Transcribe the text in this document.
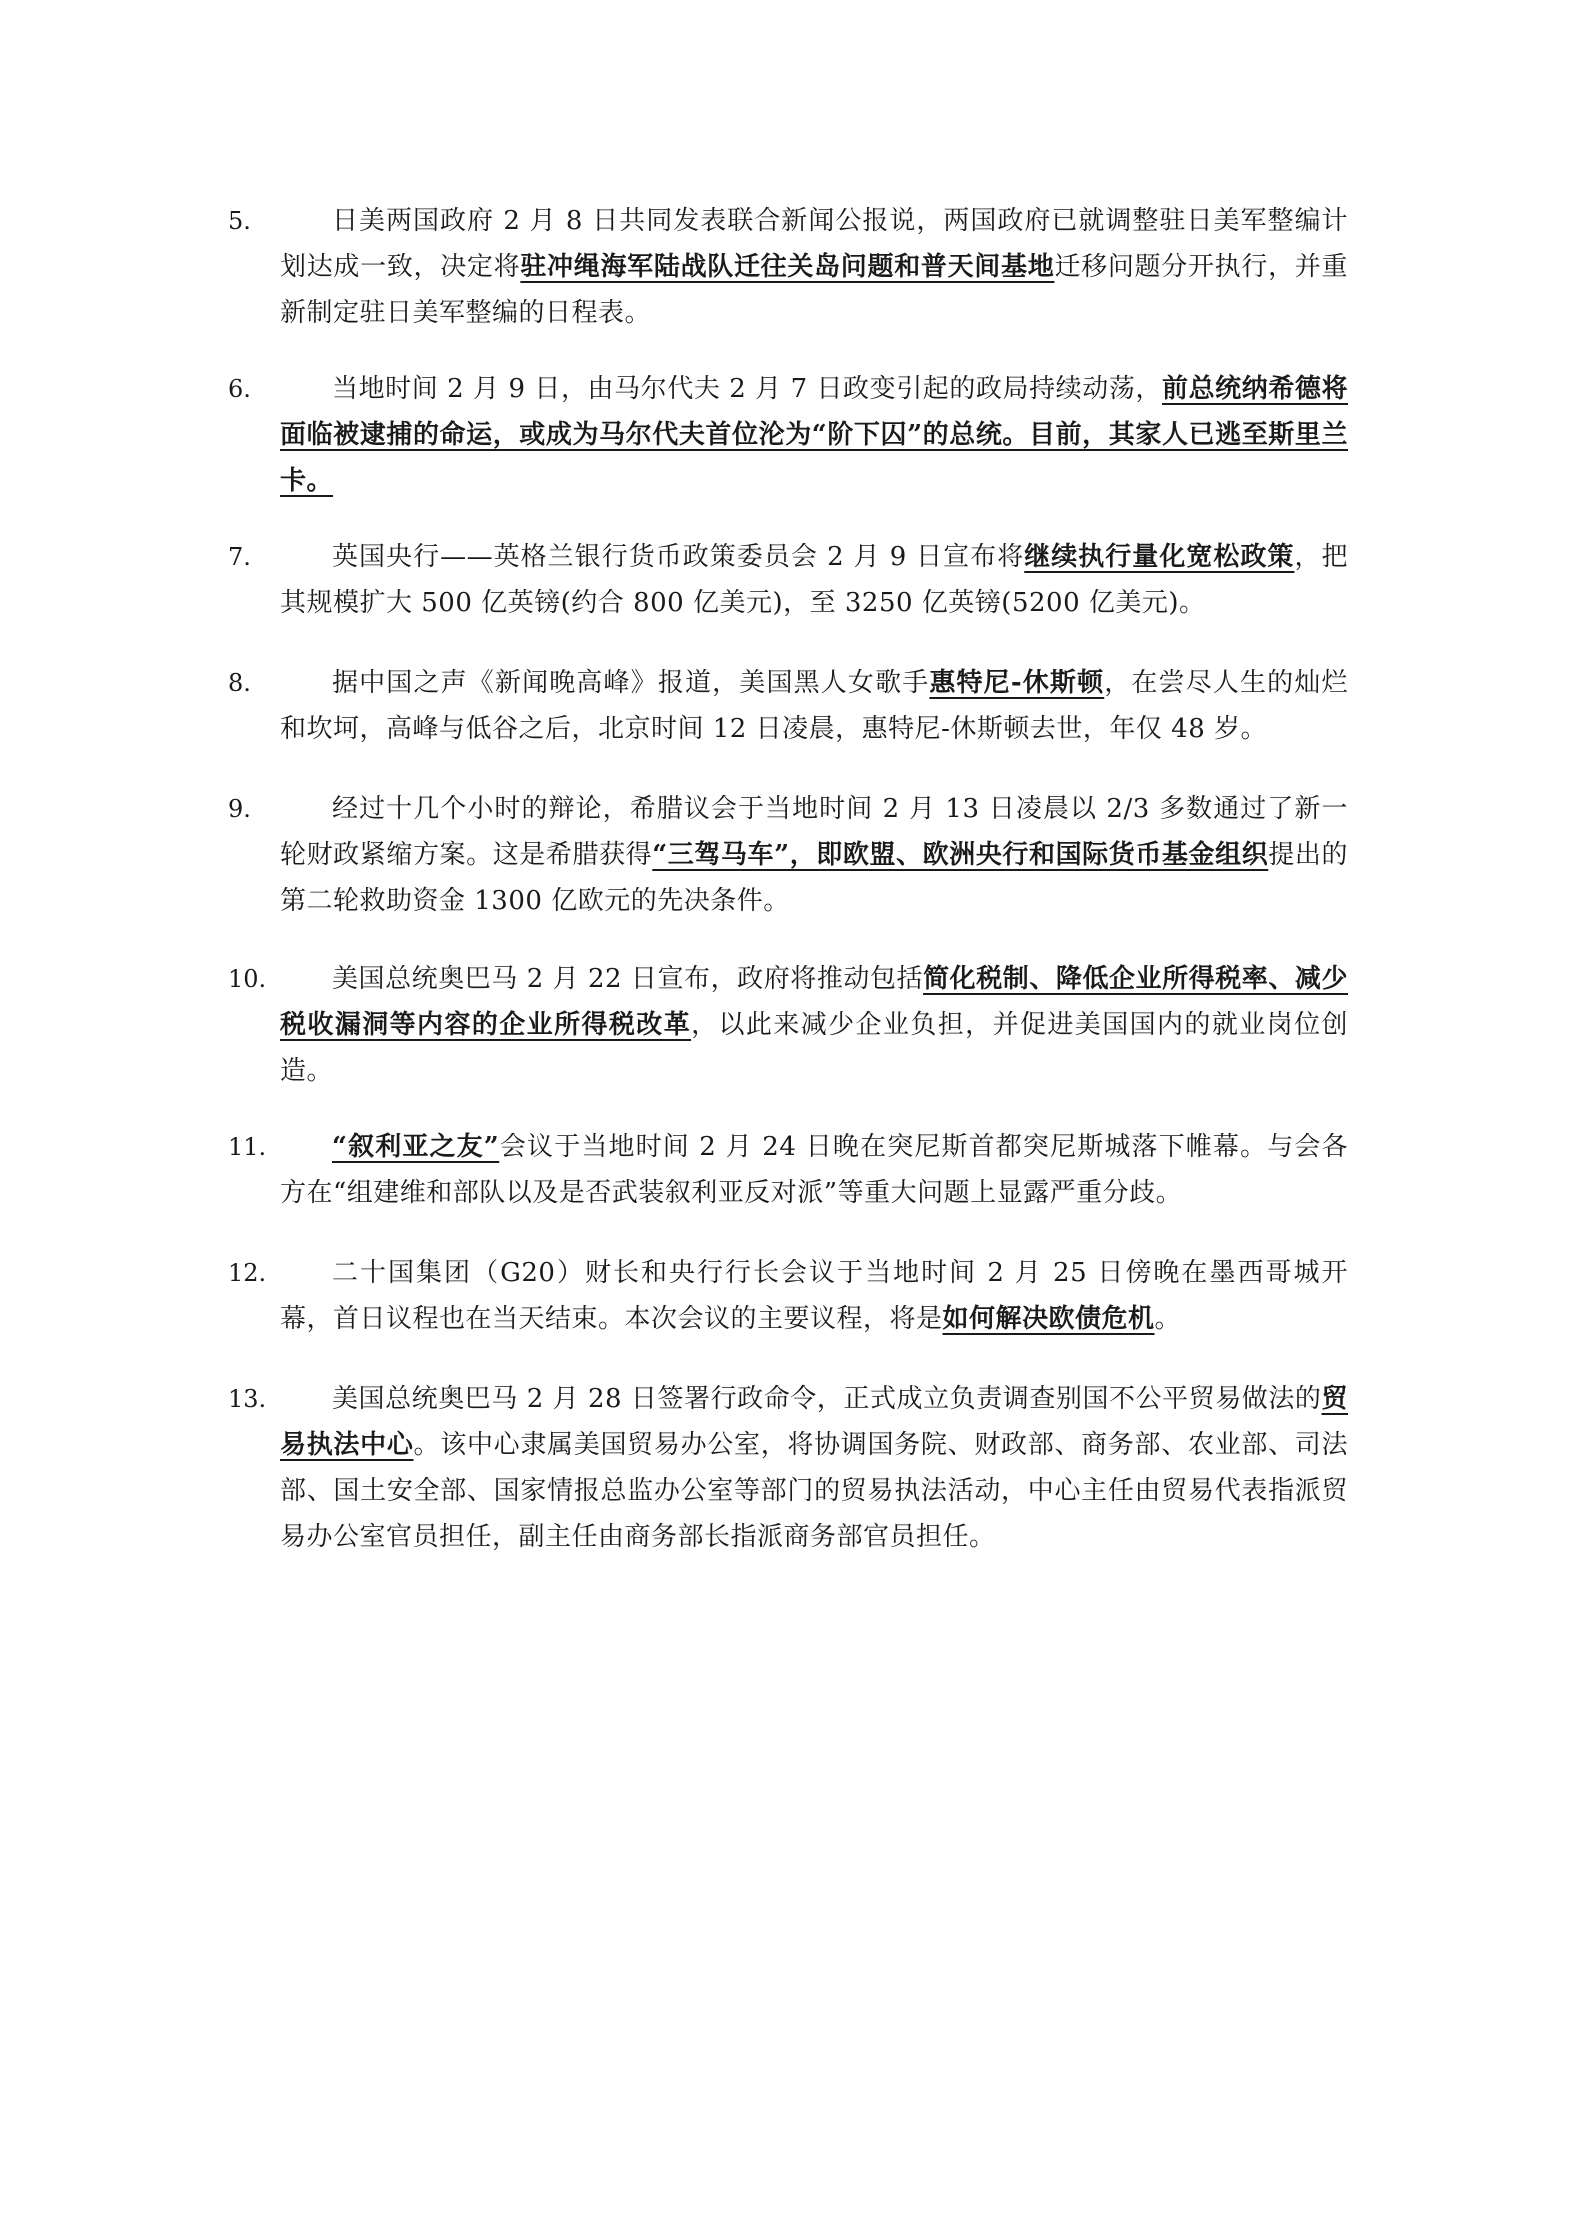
5.	日美两国政府 2 月 8 日共同发表联合新闻公报说，两国政府已就调整驻日美军整编计划达成一致，决定将驻冲绳海军陆战队迁往关岛问题和普天间基地迁移问题分开执行，并重新制定驻日美军整编的日程表。

6.	当地时间 2 月 9 日，由马尔代夫 2 月 7 日政变引起的政局持续动荡，前总统纳希德将面临被逮捕的命运，或成为马尔代夫首位沦为“阶下囚”的总统。目前，其家人已逃至斯里兰卡。

7.	英国央行——英格兰银行货币政策委员会 2 月 9 日宣布将继续执行量化宽松政策，把其规模扩大 500 亿英镑(约合 800 亿美元)，至 3250 亿英镑(5200 亿美元)。

8.	据中国之声《新闻晚高峰》报道，美国黑人女歌手惠特尼-休斯顿，在尝尽人生的灿烂和坎坷，高峰与低谷之后，北京时间 12 日凌晨，惠特尼-休斯顿去世，年仅 48 岁。

9.	经过十几个小时的辩论，希腊议会于当地时间 2 月 13 日凌晨以 2/3 多数通过了新一轮财政紧缩方案。这是希腊获得“三驾马车”，即欧盟、欧洲央行和国际货币基金组织提出的第二轮救助资金 1300 亿欧元的先决条件。

10.	美国总统奥巴马 2 月 22 日宣布，政府将推动包括简化税制、降低企业所得税率、减少税收漏洞等内容的企业所得税改革，以此来减少企业负担，并促进美国国内的就业岗位创造。

11.	“叙利亚之友”会议于当地时间 2 月 24 日晚在突尼斯首都突尼斯城落下帷幕。与会各方在“组建维和部队以及是否武装叙利亚反对派”等重大问题上显露严重分歧。

12.	二十国集团（G20）财长和央行行长会议于当地时间 2 月 25 日傍晚在墨西哥城开幕，首日议程也在当天结束。本次会议的主要议程，将是如何解决欧债危机。

13.	美国总统奥巴马 2 月 28 日签署行政命令，正式成立负责调查别国不公平贸易做法的贸易执法中心。该中心隶属美国贸易办公室，将协调国务院、财政部、商务部、农业部、司法部、国土安全部、国家情报总监办公室等部门的贸易执法活动，中心主任由贸易代表指派贸易办公室官员担任，副主任由商务部长指派商务部官员担任。
